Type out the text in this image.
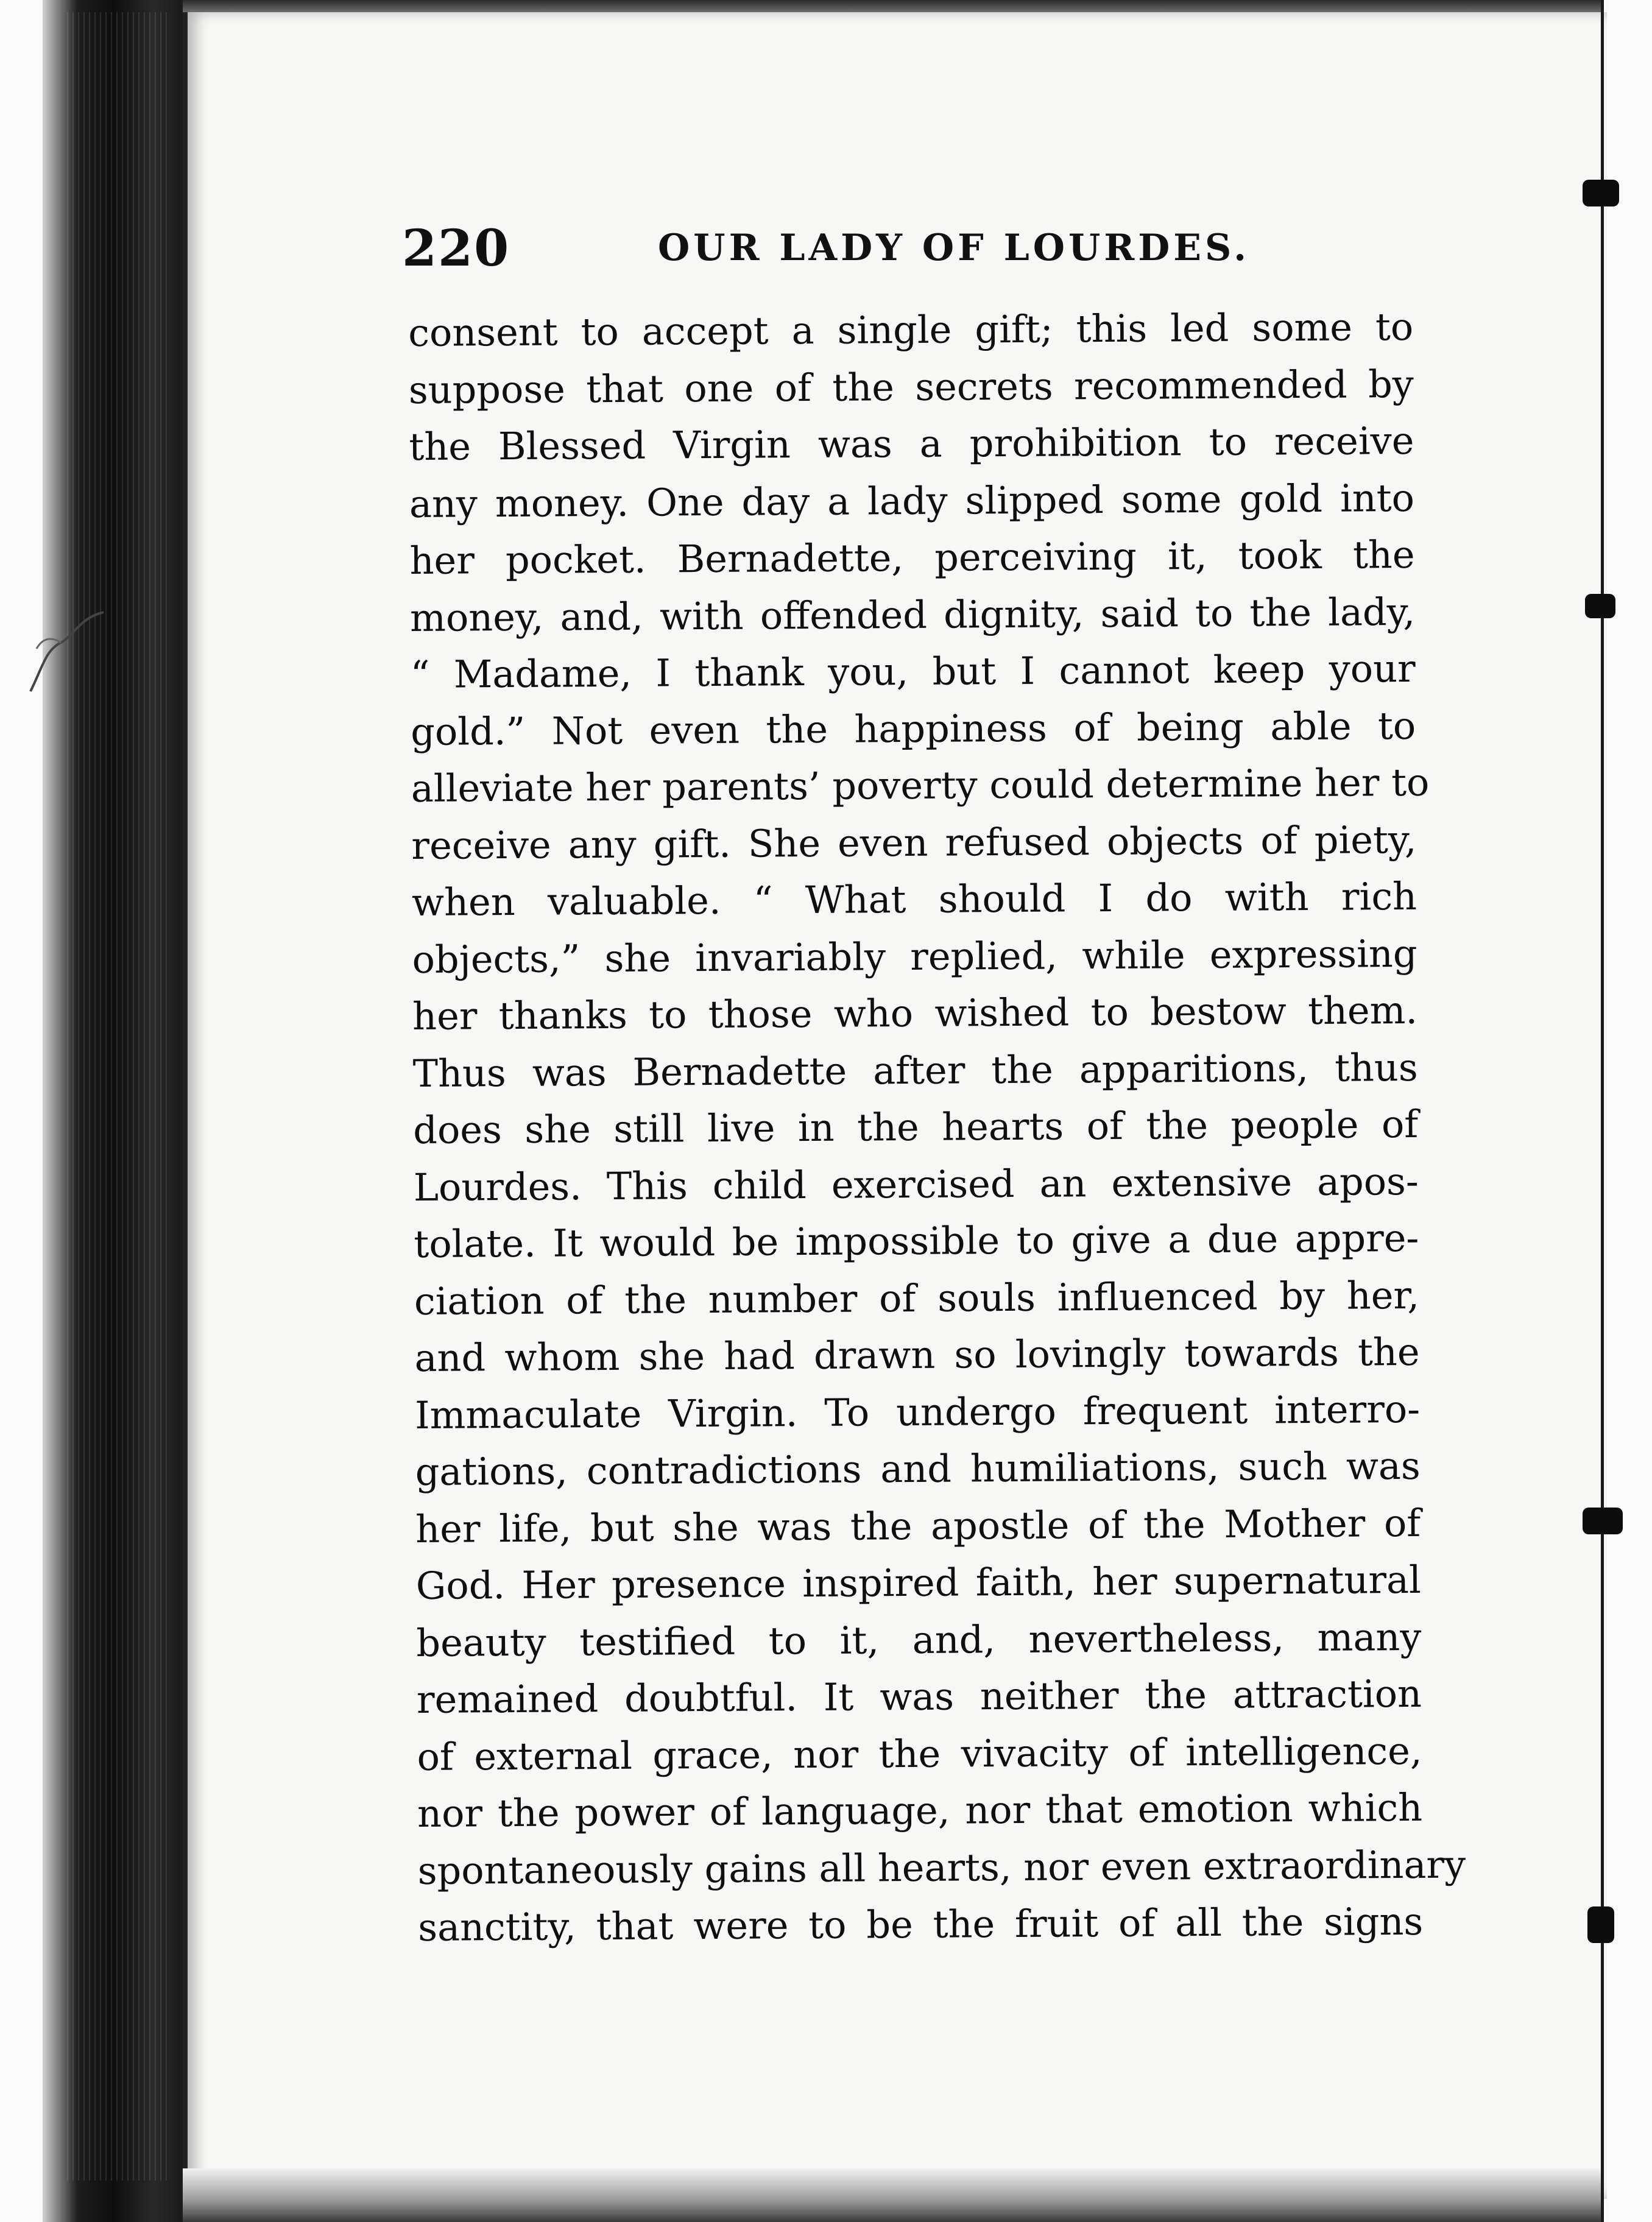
220	OUR LADY OF LOURDES.
consent to accept a single gift; this led some to
suppose that one of the secrets recommended by
the Blessed Virgin was a prohibition to receive
any money. One day a lady slipped some gold into
her pocket. Bernadette, perceiving it, took the
money, and, with offended dignity, said to the lady,
“ Madame, I thank you, but I cannot keep your
gold.” Not even the happiness of being able to
alleviate her parents’ poverty could determine her to
receive any gift. She even refused objects of piety,
when valuable. “ What should I do with rich
objects,” she invariably replied, while expressing
her thanks to those who wished to bestow them.
Thus was Bernadette after the apparitions, thus
does she still live in the hearts of the people of
Lourdes. This child exercised an extensive apos-
tolate. It would be impossible to give a due appre-
ciation of the number of souls influenced by her,
and whom she had drawn so lovingly towards the
Immaculate Virgin. To undergo frequent interro-
gations, contradictions and humiliations, such was
her life, but she was the apostle of the Mother of
God. Her presence inspired faith, her supernatural
beauty testified to it, and, nevertheless, many
remained doubtful. It was neither the attraction
of external grace, nor the vivacity of intelligence,
nor the power of language, nor that emotion which
spontaneously gains all hearts, nor even extraordinary
sanctity, that were to be the fruit of all the signs
